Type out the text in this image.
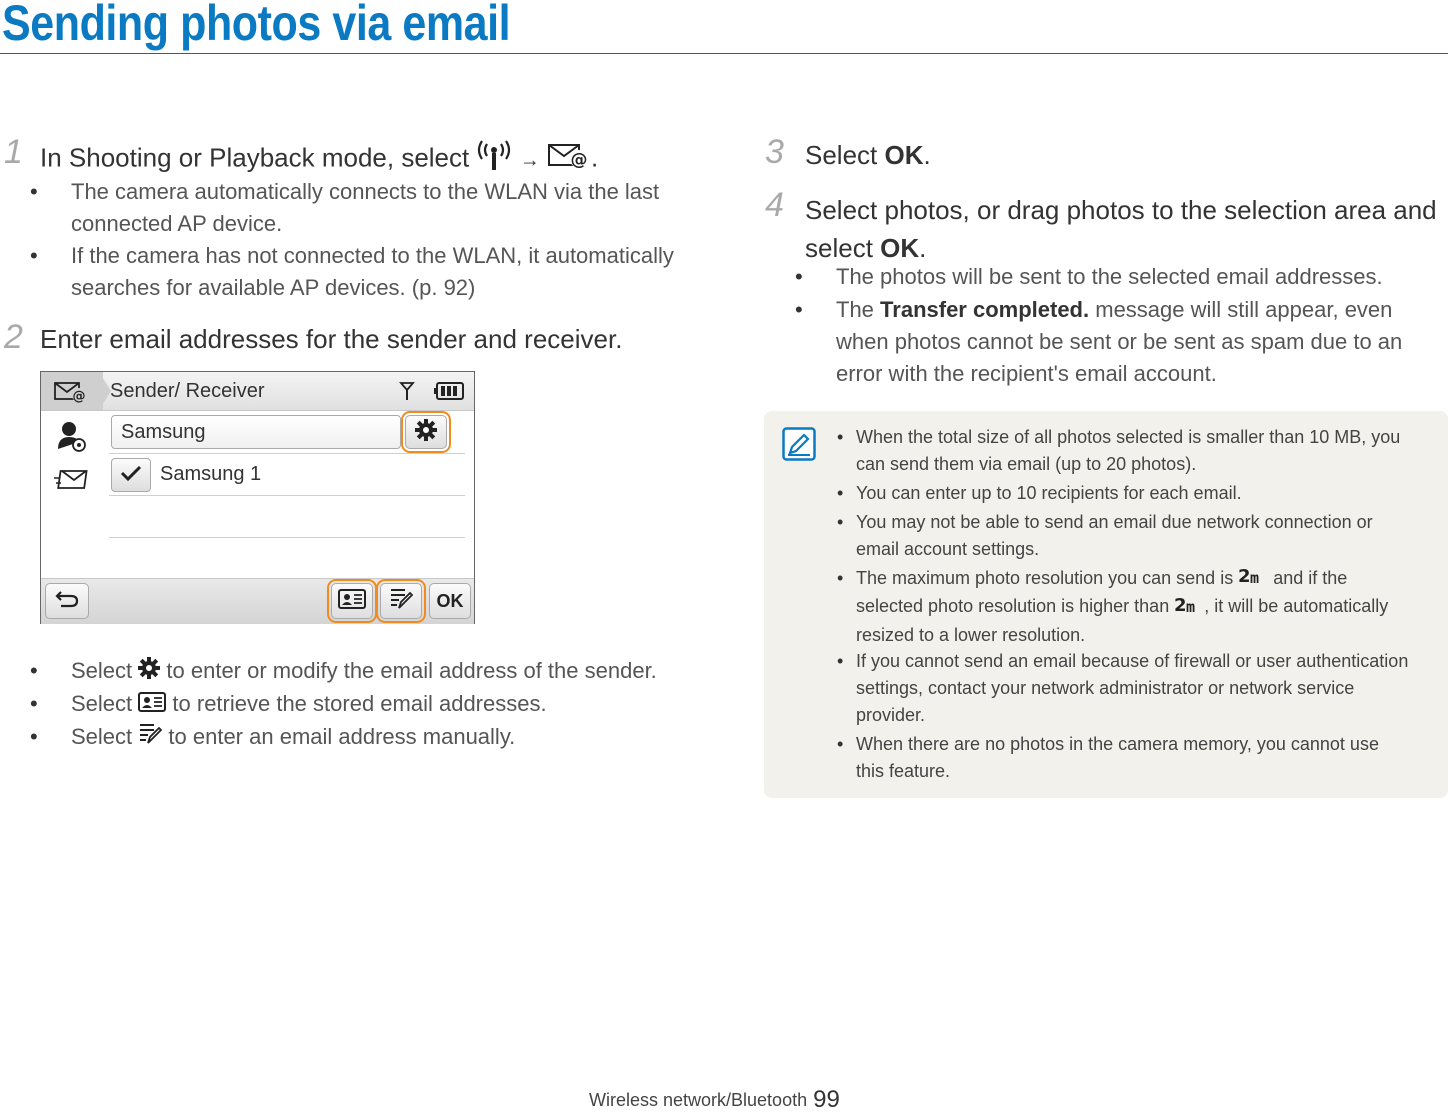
Sending photos via email
1 In Shooting or Playback mode, select	→ @ .
• The camera automatically connects to the WLAN via the last
connected AP device.
• If the camera has not connected to the WLAN, it automatically
searches for available AP devices. (p. 92)
2 Enter email addresses for the sender and receiver.
@ Sender/ Receiver
Samsung
Samsung 1
OK
• Select to enter or modify the email address of the sender.
• Select to retrieve the stored email addresses.
• Select to enter an email address manually.
3 Select OK.
4 Select photos, or drag photos to the selection area and
select OK.
• The photos will be sent to the selected email addresses.
• The Transfer completed. message will still appear, even
when photos cannot be sent or be sent as spam due to an
error with the recipient's email account.
• When the total size of all photos selected is smaller than 10 MB, you
can send them via email (up to 20 photos).
• You can enter up to 10 recipients for each email.
• You may not be able to send an email due network connection or
email account settings.
• The maximum photo resolution you can send is 2 m and if the
selected photo resolution is higher than 2 m , it will be automatically
resized to a lower resolution.
• If you cannot send an email because of firewall or user authentication
settings, contact your network administrator or network service
provider.
• When there are no photos in the camera memory, you cannot use
this feature.
Wireless network/Bluetooth 99
